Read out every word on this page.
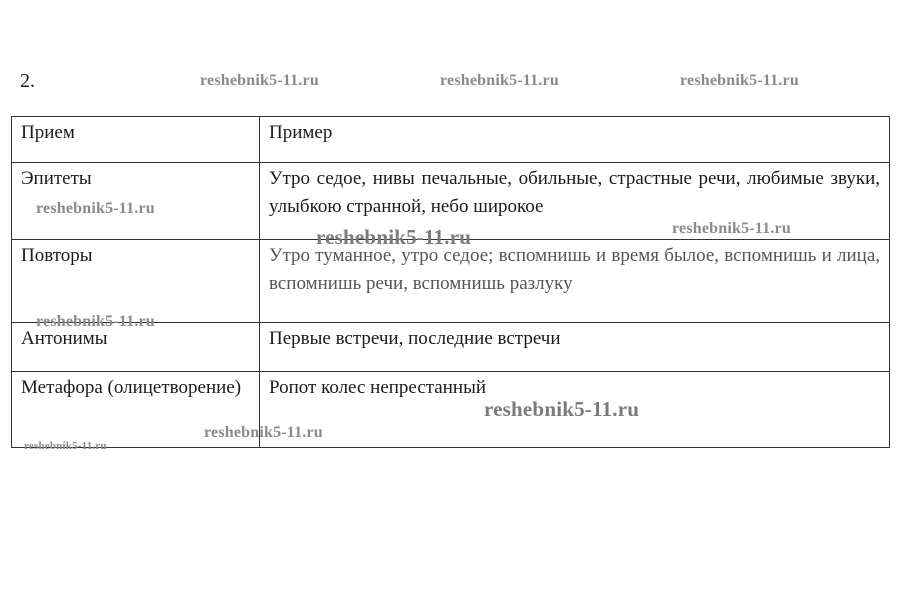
2.
Прием	Пример
Эпитеты	Утро седое, нивы печальные, обильные, страстные речи, любимые звуки, улыбкою странной, небо широкое
Повторы	Утро туманное, утро седое; вспомнишь и время былое, вспомнишь и лица, вспомнишь речи, вспомнишь разлуку
Антонимы	Первые встречи, последние встречи
Метафора (олицетворение)	Ропот колес непрестанный
reshebnik5-11.ru	reshebnik5-11.ru	reshebnik5-11.ru
reshebnik5-11.ru
reshebnik5-11.ru
reshebnik5-11.ru
reshebnik5-11.ru
reshebnik5-11.ru
reshebnik5-11.ru
reshebnik5-11.ru
